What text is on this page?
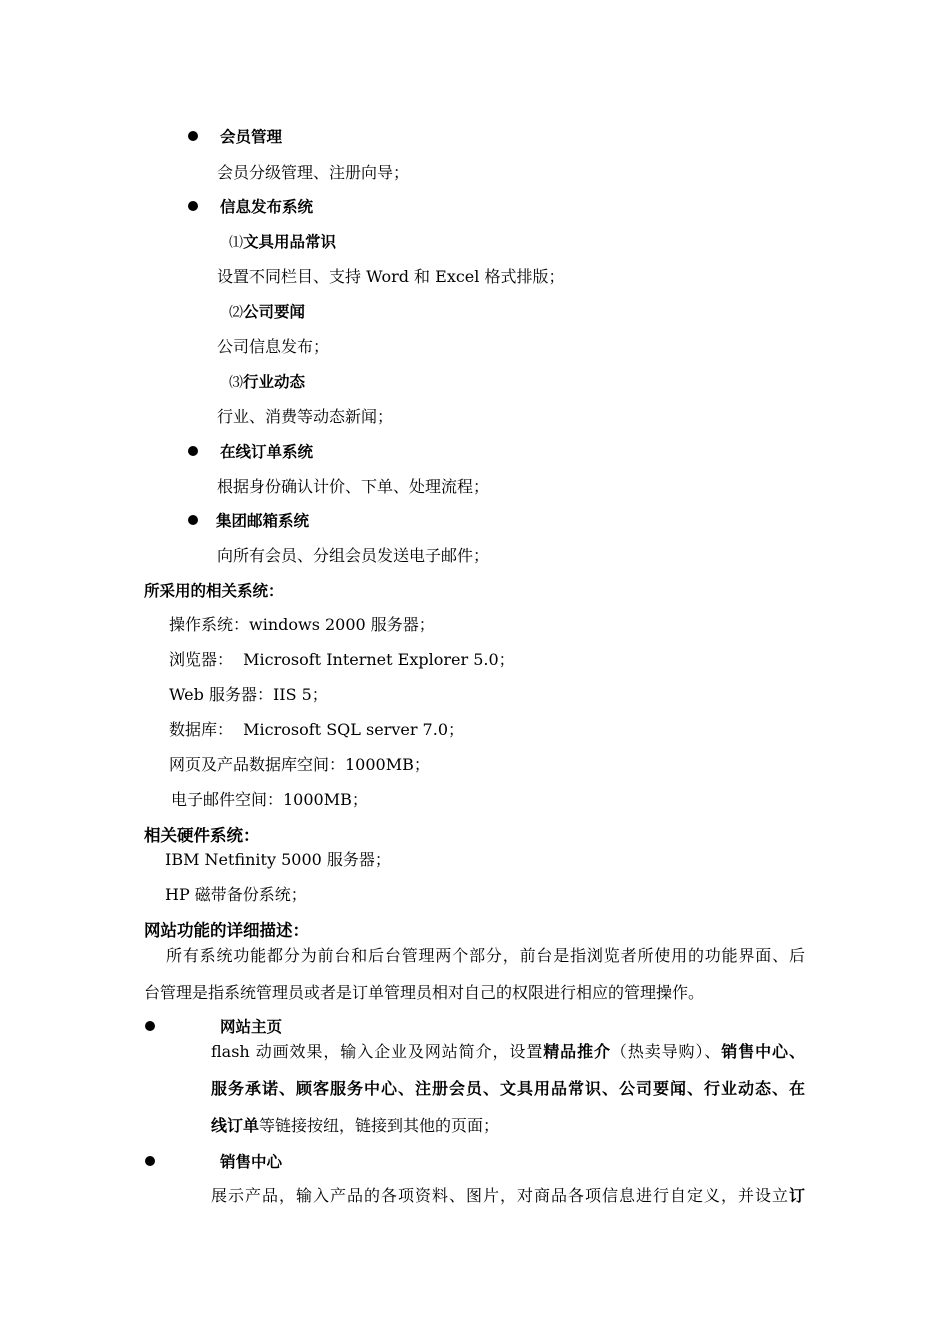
会员管理
会员分级管理、注册向导；
信息发布系统
⑴文具用品常识
设置不同栏目、支持 Word 和 Excel 格式排版；
⑵公司要闻
公司信息发布；
⑶行业动态
行业、消费等动态新闻；
在线订单系统
根据身份确认计价、下单、处理流程；
集团邮箱系统
向所有会员、分组会员发送电子邮件；
所采用的相关系统：
操作系统：windows 2000 服务器；
浏览器：  Microsoft Internet Explorer 5.0；
Web 服务器：IIS 5；
数据库：  Microsoft SQL server 7.0；
网页及产品数据库空间：1000MB；
电子邮件空间：1000MB；
相关硬件系统：
IBM Netfinity 5000 服务器；
HP 磁带备份系统；
网站功能的详细描述：
所有系统功能都分为前台和后台管理两个部分，前台是指浏览者所使用的功能界面、后
台管理是指系统管理员或者是订单管理员相对自己的权限进行相应的管理操作。
网站主页
flash 动画效果，输入企业及网站简介，设置精品推介（热卖导购）、销售中心、
服务承诺、顾客服务中心、注册会员、文具用品常识、公司要闻、行业动态、在
线订单等链接按纽，链接到其他的页面；
销售中心
展示产品，输入产品的各项资料、图片，对商品各项信息进行自定义，并设立订
